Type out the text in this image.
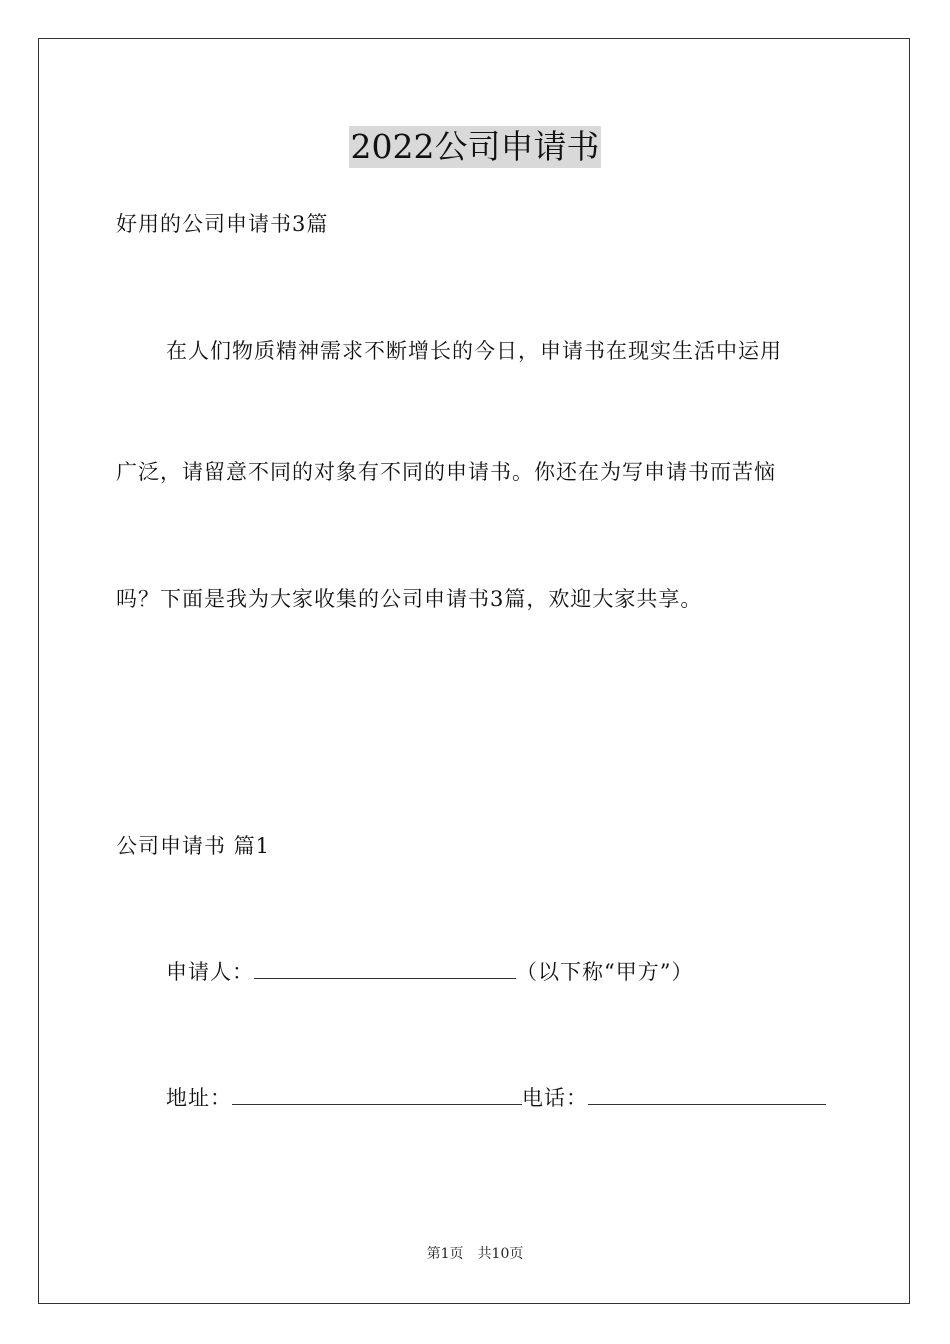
2022公司申请书
好用的公司申请书3篇
在人们物质精神需求不断增长的今日，申请书在现实生活中运用
广泛，请留意不同的对象有不同的申请书。你还在为写申请书而苦恼
吗？下面是我为大家收集的公司申请书3篇，欢迎大家共享。
公司申请书 篇1
申请人：	（以下称“甲方”）
地址：	电话：
第1页 共10页
